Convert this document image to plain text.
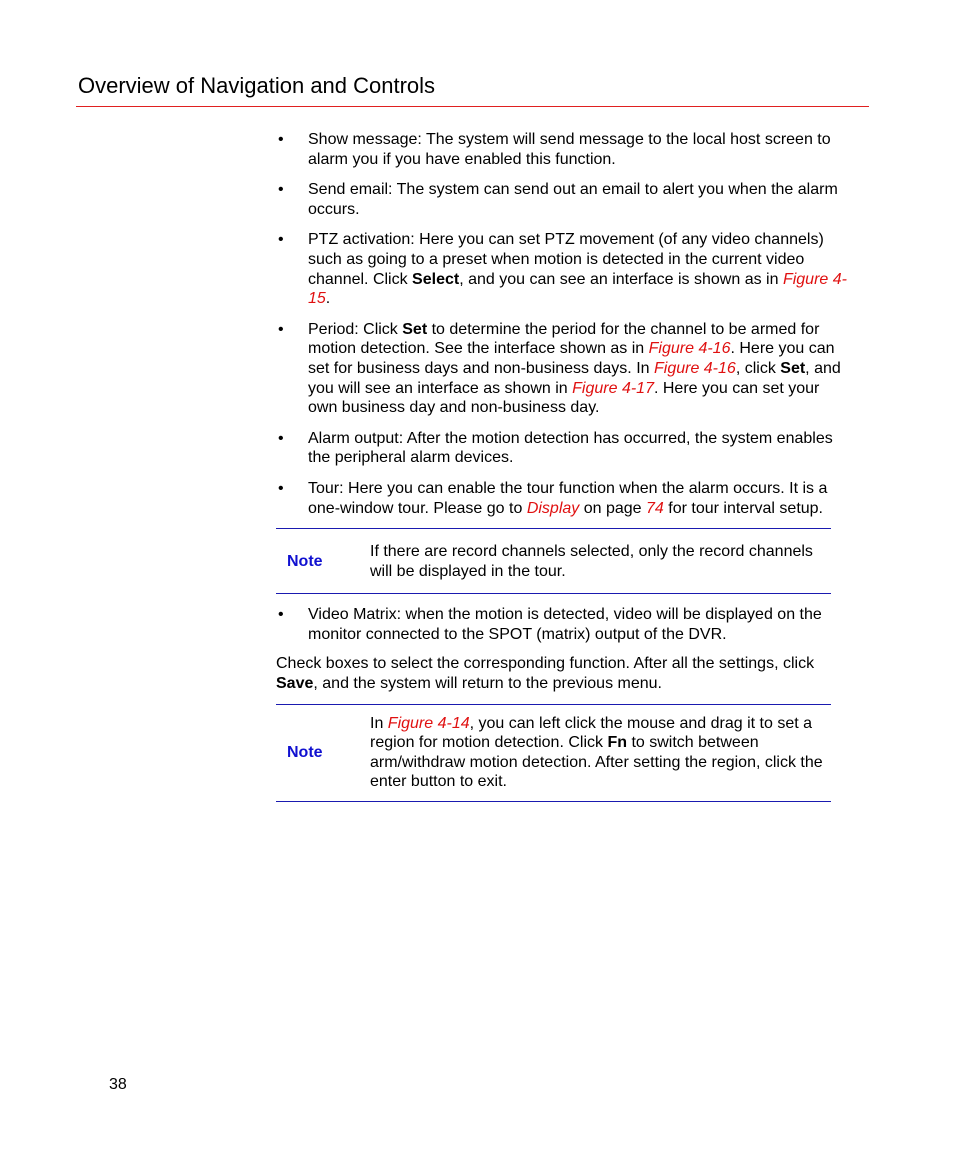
Overview of Navigation and Controls
• Show message: The system will send message to the local host screen to alarm you if you have enabled this function.
• Send email: The system can send out an email to alert you when the alarm occurs.
• PTZ activation: Here you can set PTZ movement (of any video channels) such as going to a preset when motion is detected in the current video channel. Click Select, and you can see an interface is shown as in Figure 4-15.
• Period: Click Set to determine the period for the channel to be armed for motion detection. See the interface shown as in Figure 4-16. Here you can set for business days and non-business days. In Figure 4-16, click Set, and you will see an interface as shown in Figure 4-17. Here you can set your own business day and non-business day.
• Alarm output: After the motion detection has occurred, the system enables the peripheral alarm devices.
• Tour: Here you can enable the tour function when the alarm occurs. It is a one-window tour. Please go to Display on page 74 for tour interval setup.
Note
If there are record channels selected, only the record channels will be displayed in the tour.
• Video Matrix: when the motion is detected, video will be displayed on the monitor connected to the SPOT (matrix) output of the DVR.

Check boxes to select the corresponding function. After all the settings, click Save, and the system will return to the previous menu.

Note
In Figure 4-14, you can left click the mouse and drag it to set a region for motion detection. Click Fn to switch between arm/withdraw motion detection. After setting the region, click the enter button to exit.
38
